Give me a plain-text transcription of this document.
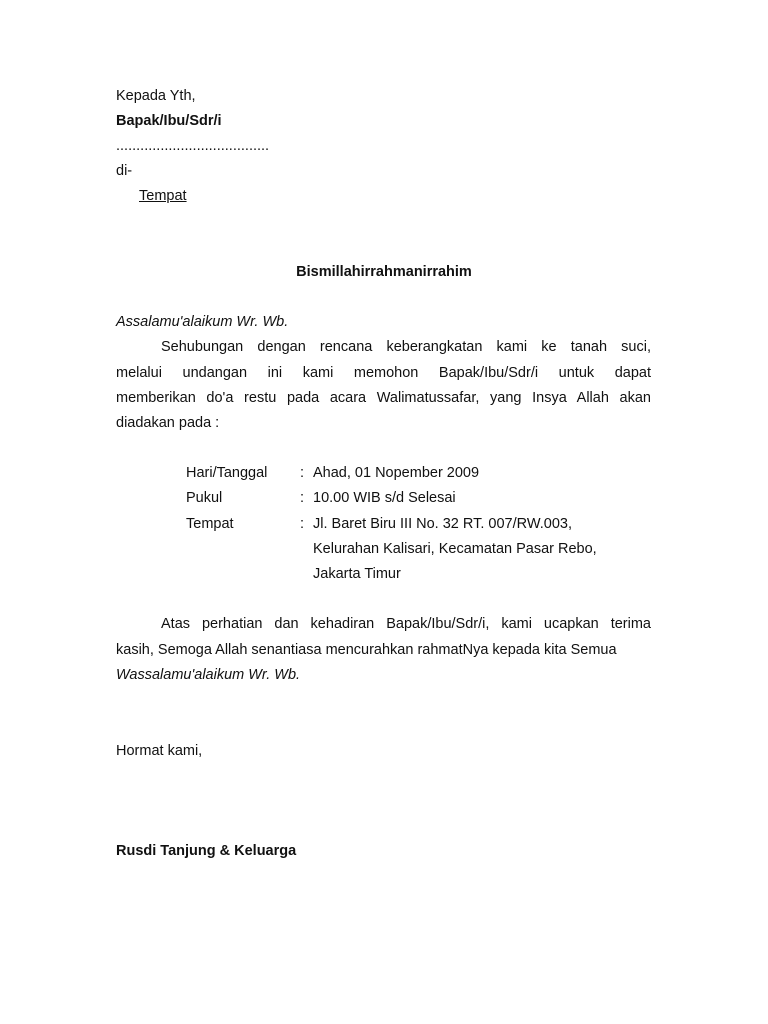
Kepada Yth,
Bapak/Ibu/Sdr/i
......................................
di-
Tempat
Bismillahirrahmanirrahim
Assalamu'alaikum Wr. Wb.
Sehubungan dengan rencana keberangkatan kami ke tanah suci,
melalui undangan ini kami memohon Bapak/Ibu/Sdr/i untuk dapat
memberikan do'a restu pada acara Walimatussafar, yang Insya Allah akan
diadakan pada :
Hari/Tanggal : Ahad, 01 Nopember 2009
Pukul	: 10.00 WIB s/d Selesai
Tempat	: Jl. Baret Biru III No. 32 RT. 007/RW.003,
Kelurahan Kalisari, Kecamatan Pasar Rebo,
Jakarta Timur
Atas perhatian dan kehadiran Bapak/Ibu/Sdr/i, kami ucapkan terima
kasih, Semoga Allah senantiasa mencurahkan rahmatNya kepada kita Semua
Wassalamu'alaikum Wr. Wb.
Hormat kami,
Rusdi Tanjung & Keluarga
